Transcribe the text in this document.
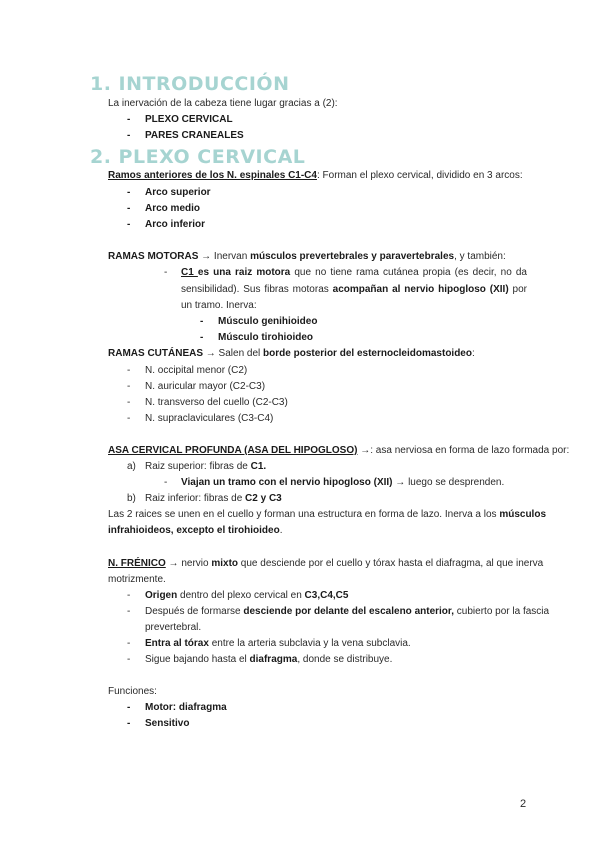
1. INTRODUCCIÓN
La inervación de la cabeza tiene lugar gracias a (2):
-	PLEXO CERVICAL
-	PARES CRANEALES
2. PLEXO CERVICAL
Ramos anteriores de los N. espinales C1-C4: Forman el plexo cervical, dividido en 3 arcos:
-	Arco superior
-	Arco medio
-	Arco inferior
RAMAS MOTORAS → Inervan músculos prevertebrales y paravertebrales, y también:
-	C1 es una raiz motora que no tiene rama cutánea propia (es decir, no da sensibilidad). Sus fibras motoras acompañan al nervio hipogloso (XII) por un tramo. Inerva:
-	Músculo genihioideo
-	Músculo tirohioideo
RAMAS CUTÁNEAS → Salen del borde posterior del esternocleidomastoideo:
-	N. occipital menor (C2)
-	N. auricular mayor (C2-C3)
-	N. transverso del cuello (C2-C3)
-	N. supraclaviculares (C3-C4)
ASA CERVICAL PROFUNDA (ASA DEL HIPOGLOSO) →: asa nerviosa en forma de lazo formada por:
a) Raiz superior: fibras de C1.
-	Viajan un tramo con el nervio hipogloso (XII) → luego se desprenden.
b) Raiz inferior: fibras de C2 y C3
Las 2 raices se unen en el cuello y forman una estructura en forma de lazo. Inerva a los músculos
infrahioideos, excepto el tirohioideo.
N. FRÉNICO → nervio mixto que desciende por el cuello y tórax hasta el diafragma, al que inerva
motrizmente.
-	Origen dentro del plexo cervical en C3,C4,C5
-	Después de formarse desciende por delante del escaleno anterior, cubierto por la fascia
prevertebral.
-	Entra al tórax entre la arteria subclavia y la vena subclavia.
-	Sigue bajando hasta el diafragma, donde se distribuye.
Funciones:
-	Motor: diafragma
-	Sensitivo
2
